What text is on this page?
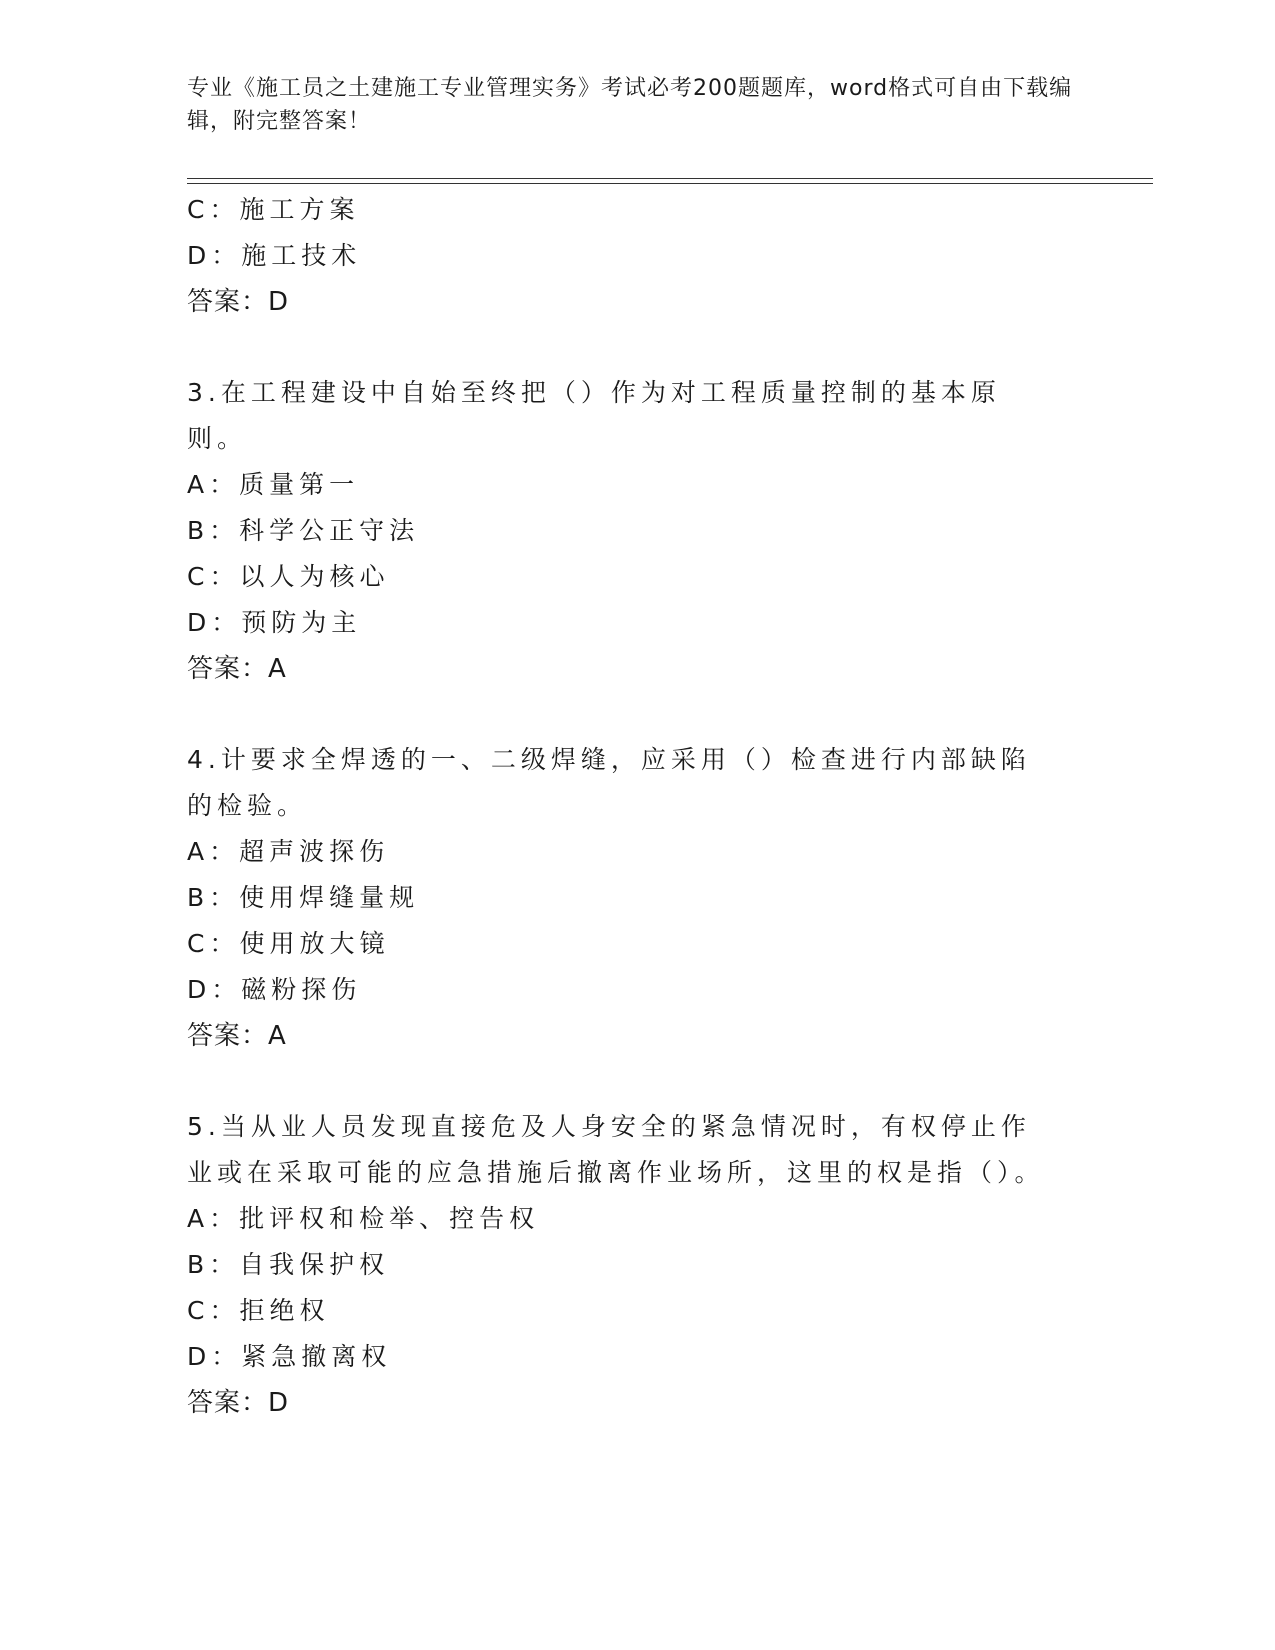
专业《施工员之土建施工专业管理实务》考试必考200题题库，word格式可自由下载编辑，附完整答案！
C：施工方案
D：施工技术
答案：D
3.在工程建设中自始至终把（）作为对工程质量控制的基本原则。
A：质量第一
B：科学公正守法
C：以人为核心
D：预防为主
答案：A
4.计要求全焊透的一、二级焊缝，应采用（）检查进行内部缺陷的检验。
A：超声波探伤
B：使用焊缝量规
C：使用放大镜
D：磁粉探伤
答案：A
5.当从业人员发现直接危及人身安全的紧急情况时，有权停止作业或在采取可能的应急措施后撤离作业场所，这里的权是指（）。
A：批评权和检举、控告权
B：自我保护权
C：拒绝权
D：紧急撤离权
答案：D
